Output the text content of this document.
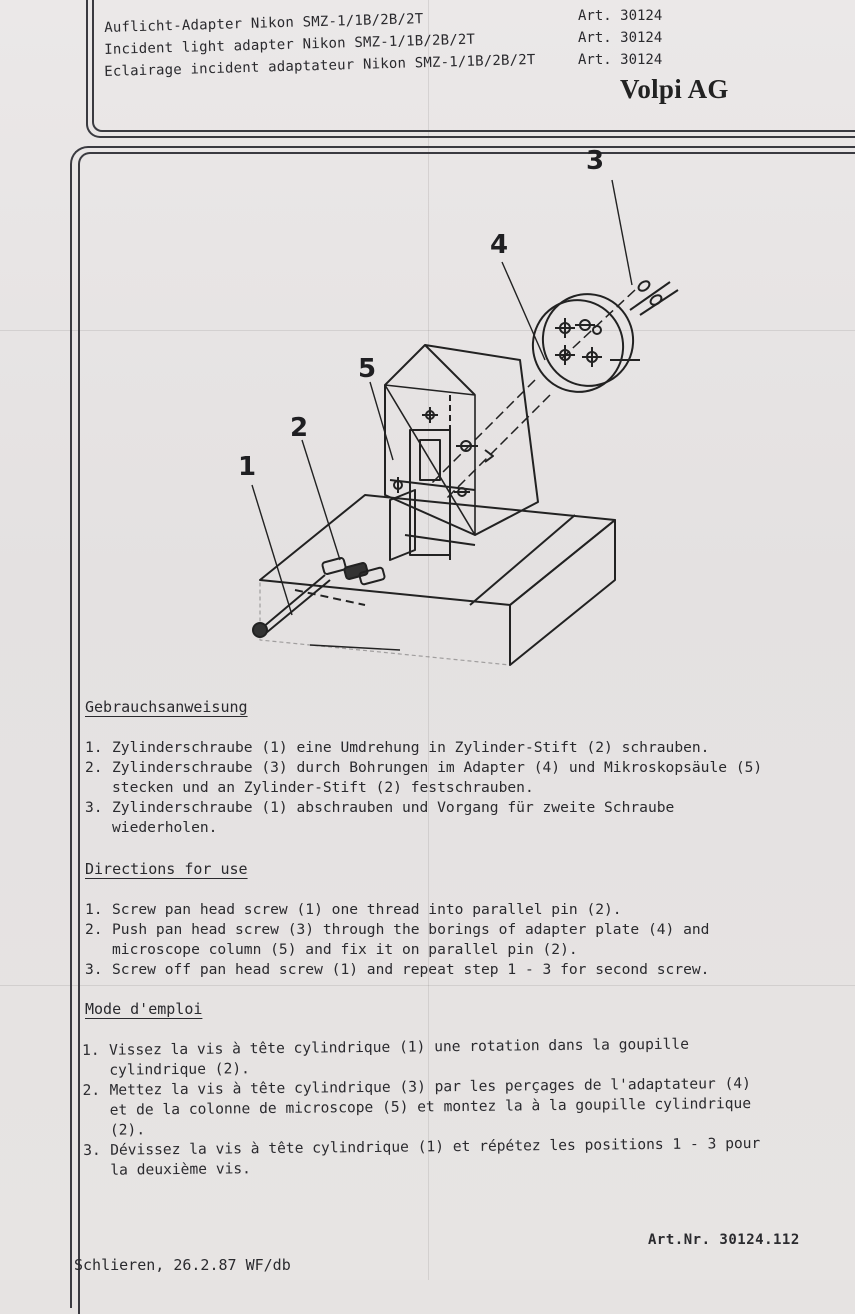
Auflicht-Adapter Nikon SMZ-1/1B/2B/2T
Incident light adapter Nikon SMZ-1/1B/2B/2T
Eclairage incident adaptateur Nikon SMZ-1/1B/2B/2T
Art. 30124
Art. 30124
Art. 30124
Volpi AG
1
2
3
4
5
Gebrauchsanweisung
1. Zylinderschraube (1) eine Umdrehung in Zylinder-Stift (2) schrauben.
2. Zylinderschraube (3) durch Bohrungen im Adapter (4) und Mikroskopsäule (5)
stecken und an Zylinder-Stift (2) festschrauben.
3. Zylinderschraube (1) abschrauben und Vorgang für zweite Schraube
wiederholen.
Directions for use
1. Screw pan head screw (1) one thread into parallel pin (2).
2. Push pan head screw (3) through the borings of adapter plate (4) and
microscope column (5) and fix it on parallel pin (2).
3. Screw off pan head screw (1) and repeat step 1 - 3 for second screw.
Mode d'emploi
1. Vissez la vis à tête cylindrique (1) une rotation dans la goupille
cylindrique (2).
2. Mettez la vis à tête cylindrique (3) par les perçages de l'adaptateur (4)
et de la colonne de microscope (5) et montez la à la goupille cylindrique
(2).
3. Dévissez la vis à tête cylindrique (1) et répétez les positions 1 - 3 pour
la deuxième vis.
Schlieren, 26.2.87 WF/db
Art.Nr. 30124.112
